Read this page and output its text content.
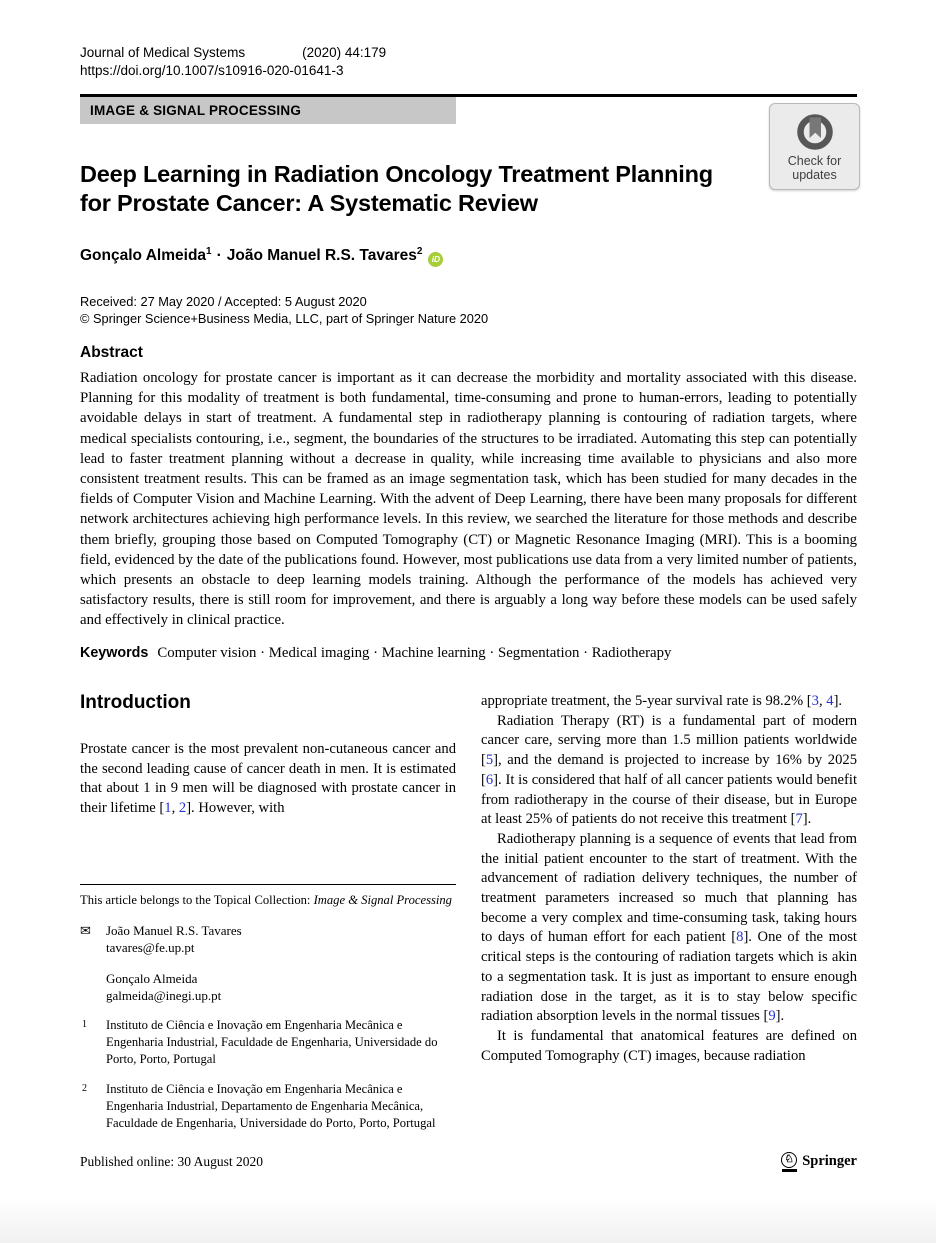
Journal of Medical Systems	(2020) 44:179
https://doi.org/10.1007/s10916-020-01641-3
IMAGE & SIGNAL PROCESSING
Deep Learning in Radiation Oncology Treatment Planning
for Prostate Cancer: A Systematic Review
Gonçalo Almeida$^1$ · João Manuel R.S. Tavares$^2$iD
Received: 27 May 2020 / Accepted: 5 August 2020
© Springer Science+Business Media, LLC, part of Springer Nature 2020
Abstract
Radiation oncology for prostate cancer is important as it can decrease the morbidity and mortality associated with this disease. Planning for this modality of treatment is both fundamental, time-consuming and prone to human-errors, leading to potentially avoidable delays in start of treatment. A fundamental step in radiotherapy planning is contouring of radiation targets, where medical specialists contouring, i.e., segment, the boundaries of the structures to be irradiated. Automating this step can potentially lead to faster treatment planning without a decrease in quality, while increasing time available to physicians and also more consistent treatment results. This can be framed as an image segmentation task, which has been studied for many decades in the fields of Computer Vision and Machine Learning. With the advent of Deep Learning, there have been many proposals for different network architectures achieving high performance levels. In this review, we searched the literature for those methods and describe them briefly, grouping those based on Computed Tomography (CT) or Magnetic Resonance Imaging (MRI). This is a booming field, evidenced by the date of the publications found. However, most publications use data from a very limited number of patients, which presents an obstacle to deep learning models training. Although the performance of the models has achieved very satisfactory results, there is still room for improvement, and there is arguably a long way before these models can be used safely and effectively in clinical practice.
Keywords Computer vision · Medical imaging · Machine learning · Segmentation · Radiotherapy
Introduction

Prostate cancer is the most prevalent non-cutaneous cancer and the second leading cause of cancer death in men. It is estimated that about 1 in 9 men will be diagnosed with prostate cancer in their lifetime [1, 2]. However, with

This article belongs to the Topical Collection: Image & Signal Processing
✉ João Manuel R.S. Tavares
tavares@fe.up.pt
Gonçalo Almeida
galmeida@inegi.up.pt
1 Instituto de Ciência e Inovação em Engenharia Mecânica e Engenharia Industrial, Faculdade de Engenharia, Universidade do Porto, Porto, Portugal
2 Instituto de Ciência e Inovação em Engenharia Mecânica e Engenharia Industrial, Departamento de Engenharia Mecânica, Faculdade de Engenharia, Universidade do Porto, Porto, Portugal

appropriate treatment, the 5-year survival rate is 98.2% [3, 4].

Radiation Therapy (RT) is a fundamental part of modern cancer care, serving more than 1.5 million patients worldwide [5], and the demand is projected to increase by 16% by 2025 [6]. It is considered that half of all cancer patients would benefit from radiotherapy in the course of their disease, but in Europe at least 25% of patients do not receive this treatment [7].

Radiotherapy planning is a sequence of events that lead from the initial patient encounter to the start of treatment. With the advancement of radiation delivery techniques, the number of treatment parameters increased so much that planning has become a very complex and time-consuming task, taking hours to days of human effort for each patient [8]. One of the most critical steps is the contouring of radiation targets which is akin to a segmentation task. It is just as important to ensure enough radiation dose in the target, as it is to stay below specific radiation absorption levels in the normal tissues [9].

It is fundamental that anatomical features are defined on Computed Tomography (CT) images, because radiation

Published online: 30 August 2020	♘ Springer
Check for
updates
